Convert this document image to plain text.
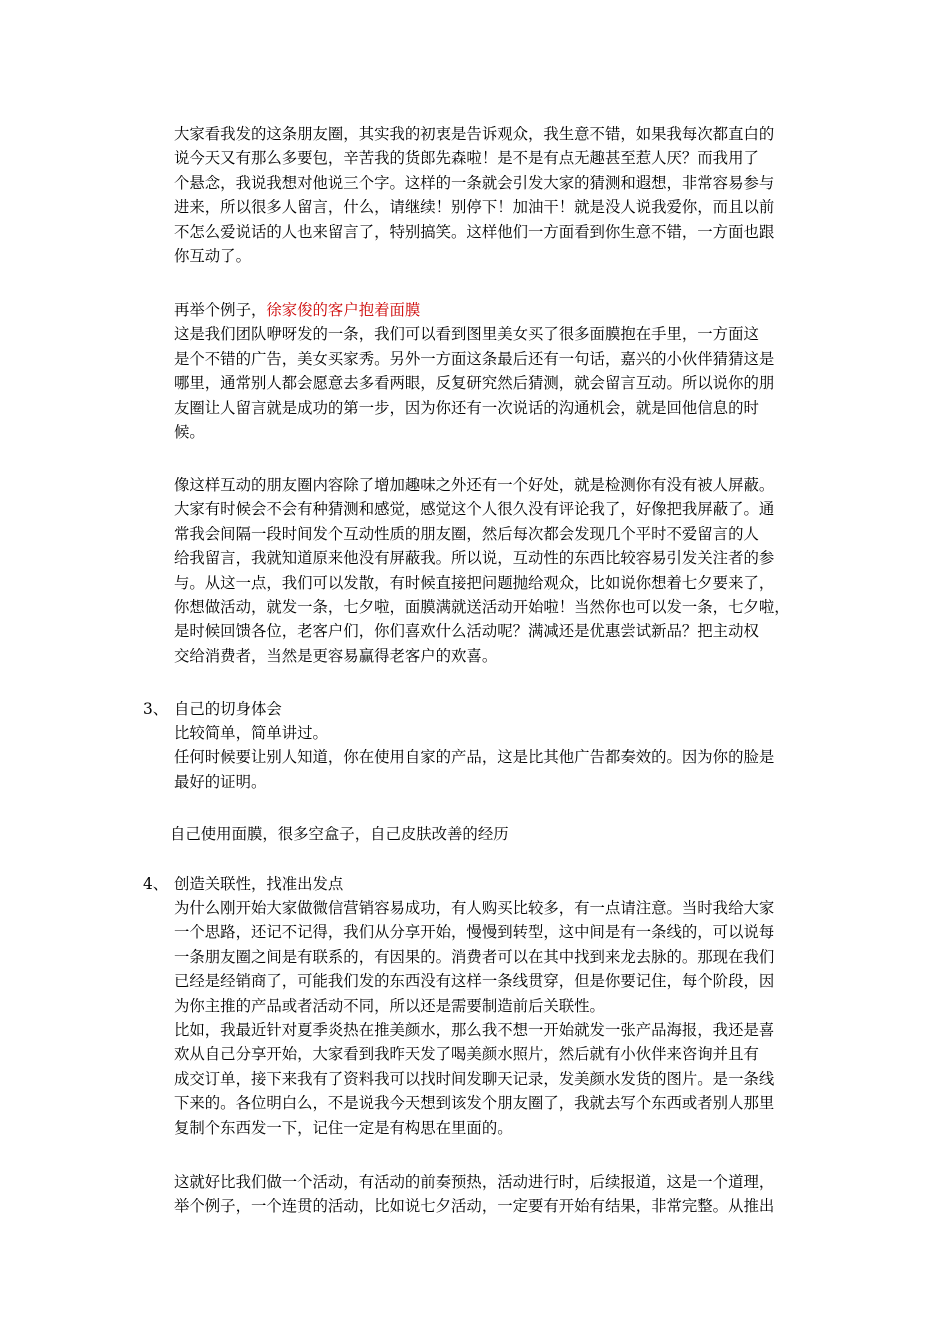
大家看我发的这条朋友圈，其实我的初衷是告诉观众，我生意不错，如果我每次都直白的
说今天又有那么多要包，辛苦我的货郎先森啦！是不是有点无趣甚至惹人厌？而我用了
个悬念，我说我想对他说三个字。这样的一条就会引发大家的猜测和遐想，非常容易参与
进来，所以很多人留言，什么，请继续！别停下！加油干！就是没人说我爱你，而且以前
不怎么爱说话的人也来留言了，特别搞笑。这样他们一方面看到你生意不错，一方面也跟
你互动了。
再举个例子，徐家俊的客户抱着面膜
这是我们团队咿呀发的一条，我们可以看到图里美女买了很多面膜抱在手里，一方面这
是个不错的广告，美女买家秀。另外一方面这条最后还有一句话，嘉兴的小伙伴猜猜这是
哪里，通常别人都会愿意去多看两眼，反复研究然后猜测，就会留言互动。所以说你的朋
友圈让人留言就是成功的第一步，因为你还有一次说话的沟通机会，就是回他信息的时
候。
像这样互动的朋友圈内容除了增加趣味之外还有一个好处，就是检测你有没有被人屏蔽。
大家有时候会不会有种猜测和感觉，感觉这个人很久没有评论我了，好像把我屏蔽了。通
常我会间隔一段时间发个互动性质的朋友圈，然后每次都会发现几个平时不爱留言的人
给我留言，我就知道原来他没有屏蔽我。所以说，互动性的东西比较容易引发关注者的参
与。从这一点，我们可以发散，有时候直接把问题抛给观众，比如说你想着七夕要来了，
你想做活动，就发一条，七夕啦，面膜满就送活动开始啦！当然你也可以发一条，七夕啦，
是时候回馈各位，老客户们，你们喜欢什么活动呢？满减还是优惠尝试新品？把主动权
交给消费者，当然是更容易赢得老客户的欢喜。
3、 自己的切身体会
比较简单，简单讲过。
任何时候要让别人知道，你在使用自家的产品，这是比其他广告都奏效的。因为你的脸是
最好的证明。
自己使用面膜，很多空盒子，自己皮肤改善的经历
4、 创造关联性，找准出发点
为什么刚开始大家做微信营销容易成功，有人购买比较多，有一点请注意。当时我给大家
一个思路，还记不记得，我们从分享开始，慢慢到转型，这中间是有一条线的，可以说每
一条朋友圈之间是有联系的，有因果的。消费者可以在其中找到来龙去脉的。那现在我们
已经是经销商了，可能我们发的东西没有这样一条线贯穿，但是你要记住，每个阶段，因
为你主推的产品或者活动不同，所以还是需要制造前后关联性。
比如，我最近针对夏季炎热在推美颜水，那么我不想一开始就发一张产品海报，我还是喜
欢从自己分享开始，大家看到我昨天发了喝美颜水照片，然后就有小伙伴来咨询并且有
成交订单，接下来我有了资料我可以找时间发聊天记录，发美颜水发货的图片。是一条线
下来的。各位明白么，不是说我今天想到该发个朋友圈了，我就去写个东西或者别人那里
复制个东西发一下，记住一定是有构思在里面的。
这就好比我们做一个活动，有活动的前奏预热，活动进行时，后续报道，这是一个道理，
举个例子，一个连贯的活动，比如说七夕活动，一定要有开始有结果，非常完整。从推出
